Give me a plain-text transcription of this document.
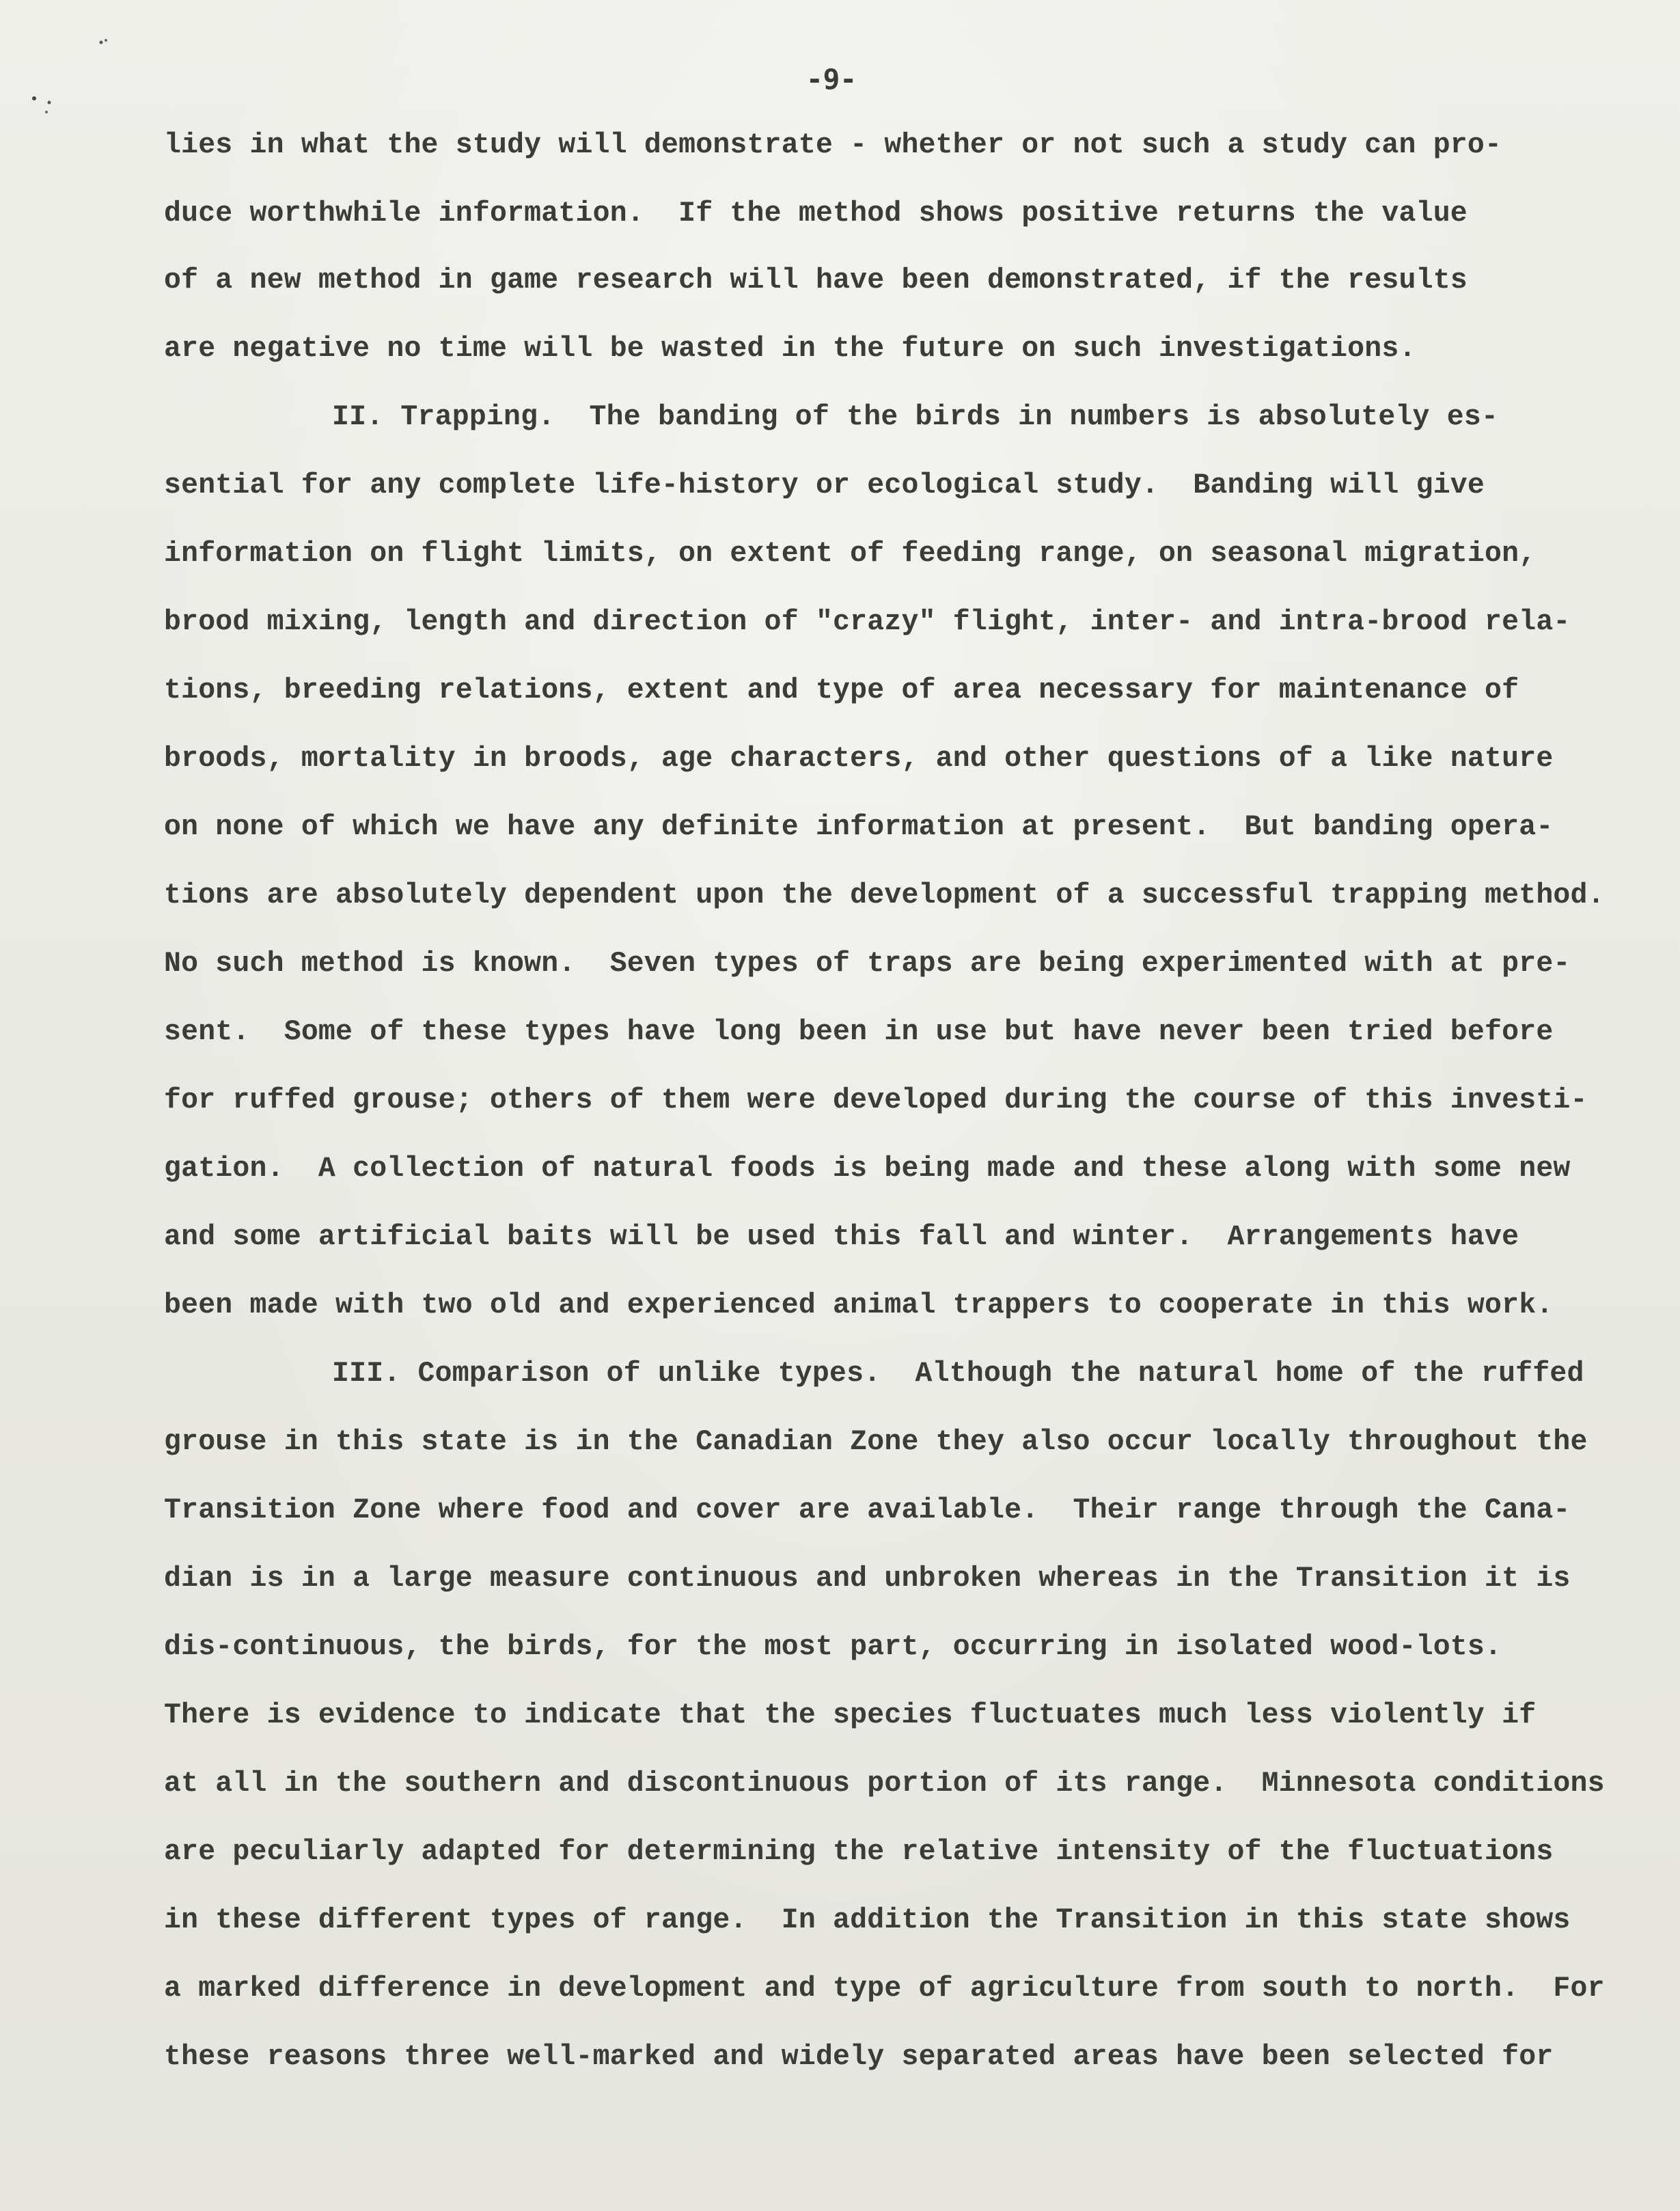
-9-
lies in what the study will demonstrate - whether or not such a study can pro-
duce worthwhile information.  If the method shows positive returns the value
of a new method in game research will have been demonstrated, if the results
are negative no time will be wasted in the future on such investigations.
II. Trapping.  The banding of the birds in numbers is absolutely es-
sential for any complete life-history or ecological study.  Banding will give
information on flight limits, on extent of feeding range, on seasonal migration,
brood mixing, length and direction of "crazy" flight, inter- and intra-brood rela-
tions, breeding relations, extent and type of area necessary for maintenance of
broods, mortality in broods, age characters, and other questions of a like nature
on none of which we have any definite information at present.  But banding opera-
tions are absolutely dependent upon the development of a successful trapping method.
No such method is known.  Seven types of traps are being experimented with at pre-
sent.  Some of these types have long been in use but have never been tried before
for ruffed grouse; others of them were developed during the course of this investi-
gation.  A collection of natural foods is being made and these along with some new
and some artificial baits will be used this fall and winter.  Arrangements have
been made with two old and experienced animal trappers to cooperate in this work.
III. Comparison of unlike types.  Although the natural home of the ruffed
grouse in this state is in the Canadian Zone they also occur locally throughout the
Transition Zone where food and cover are available.  Their range through the Cana-
dian is in a large measure continuous and unbroken whereas in the Transition it is
dis-continuous, the birds, for the most part, occurring in isolated wood-lots.
There is evidence to indicate that the species fluctuates much less violently if
at all in the southern and discontinuous portion of its range.  Minnesota conditions
are peculiarly adapted for determining the relative intensity of the fluctuations
in these different types of range.  In addition the Transition in this state shows
a marked difference in development and type of agriculture from south to north.  For
these reasons three well-marked and widely separated areas have been selected for
